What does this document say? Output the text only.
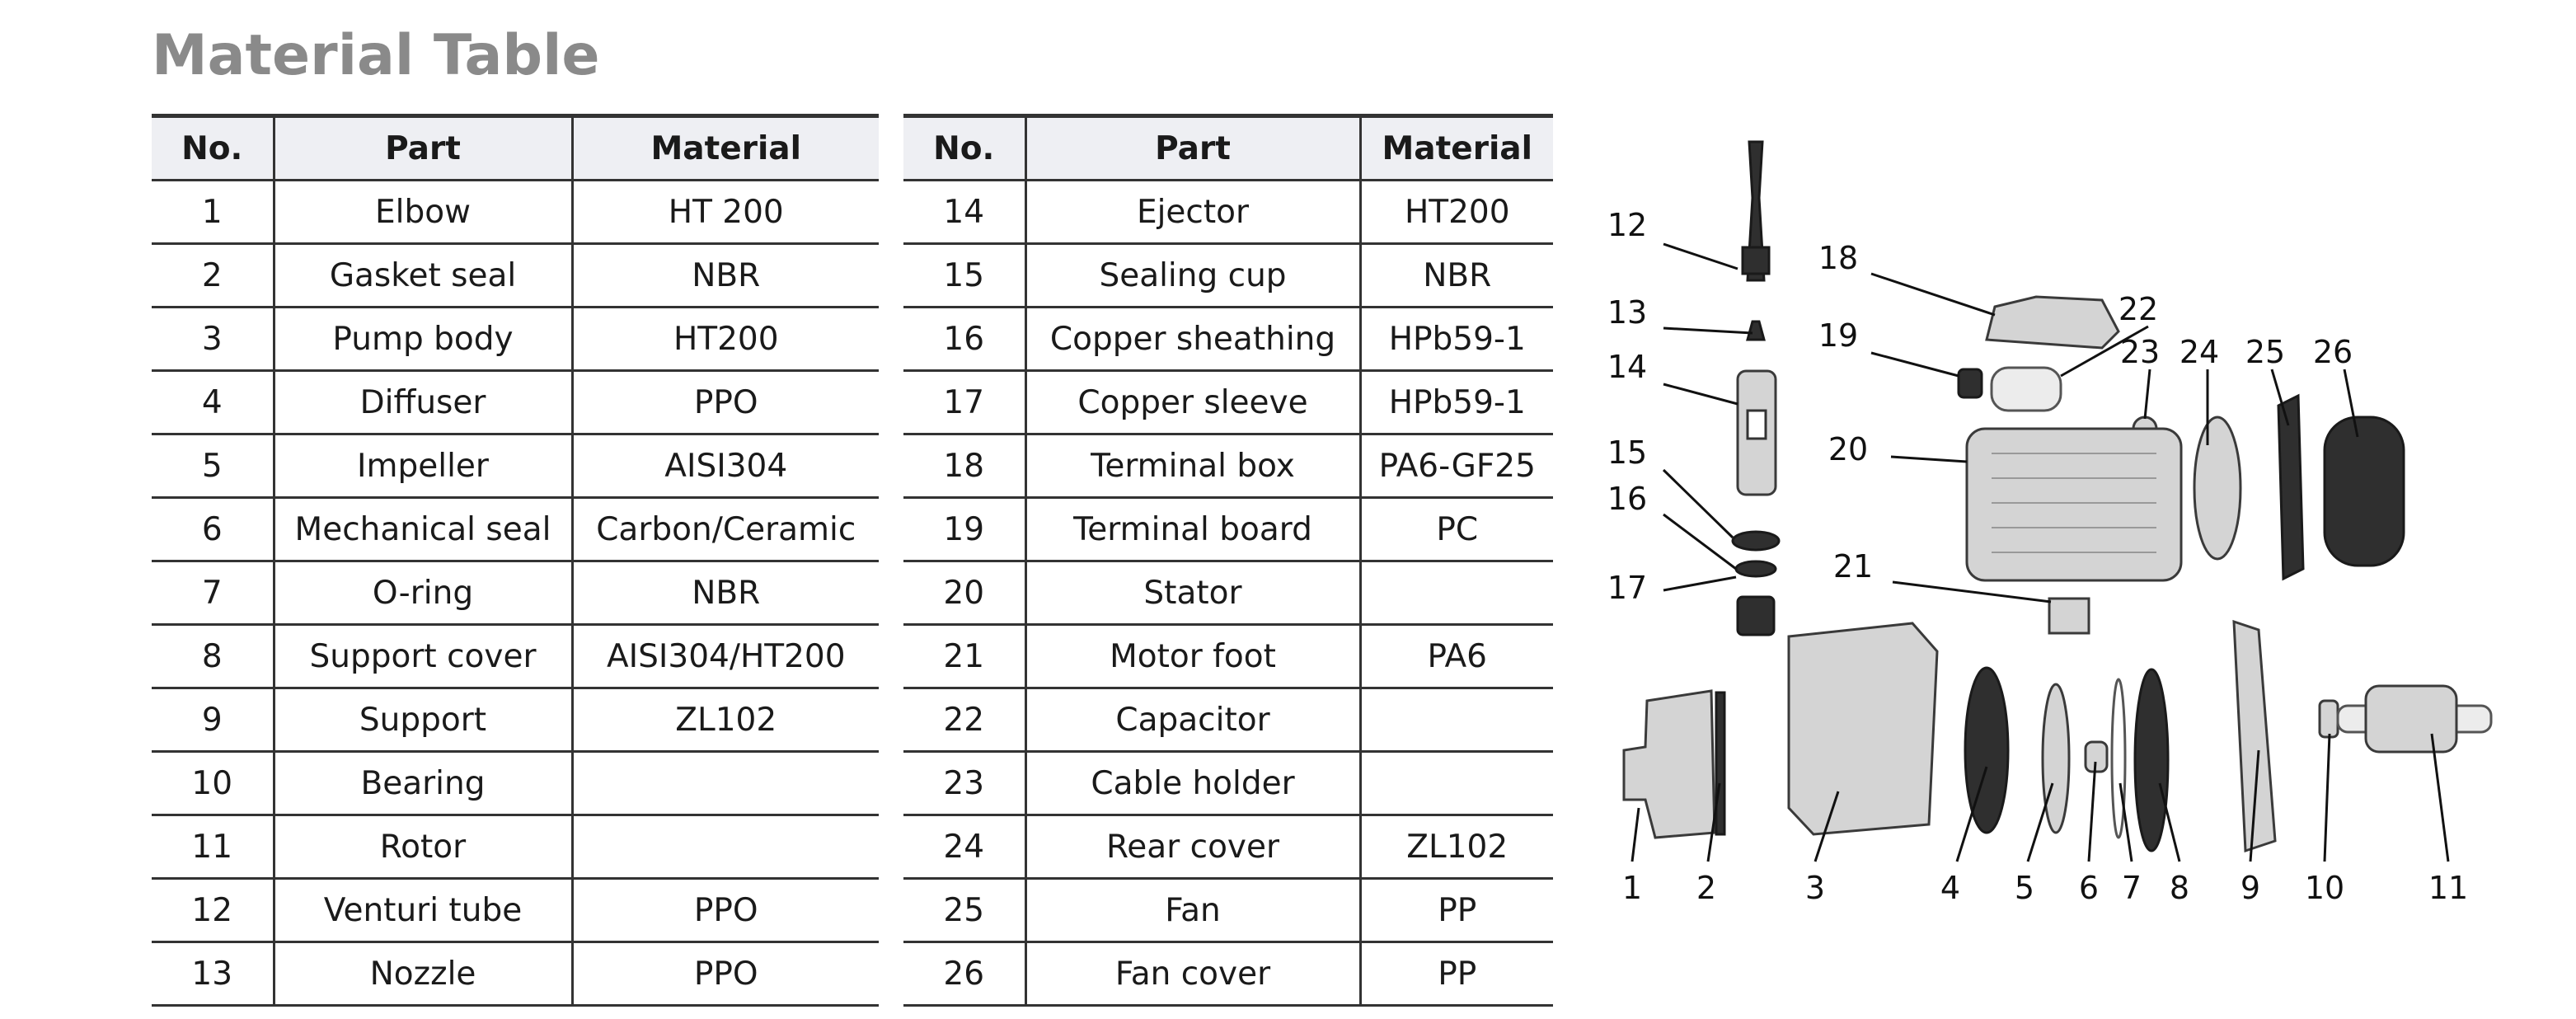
Material Table
No.	Part	Material
1	Elbow	HT 200
2	Gasket seal	NBR
3	Pump body	HT200
4	Diffuser	PPO
5	Impeller	AISI304
6	Mechanical seal	Carbon/Ceramic
7	O-ring	NBR
8	Support cover	AISI304/HT200
9	Support	ZL102
10	Bearing	
11	Rotor	
12	Venturi tube	PPO
13	Nozzle	PPO
No.	Part	Material
14	Ejector	HT200
15	Sealing cup	NBR
16	Copper sheathing	HPb59-1
17	Copper sleeve	HPb59-1
18	Terminal box	PA6-GF25
19	Terminal board	PC
20	Stator	
21	Motor foot	PA6
22	Capacitor	
23	Cable holder	
24	Rear cover	ZL102
25	Fan	PP
26	Fan cover	PP
1 2	3	4 5 6 7 8 9 10	11
12
13
14
15
16
17
18
19
20
21
22
23 24 25 26
